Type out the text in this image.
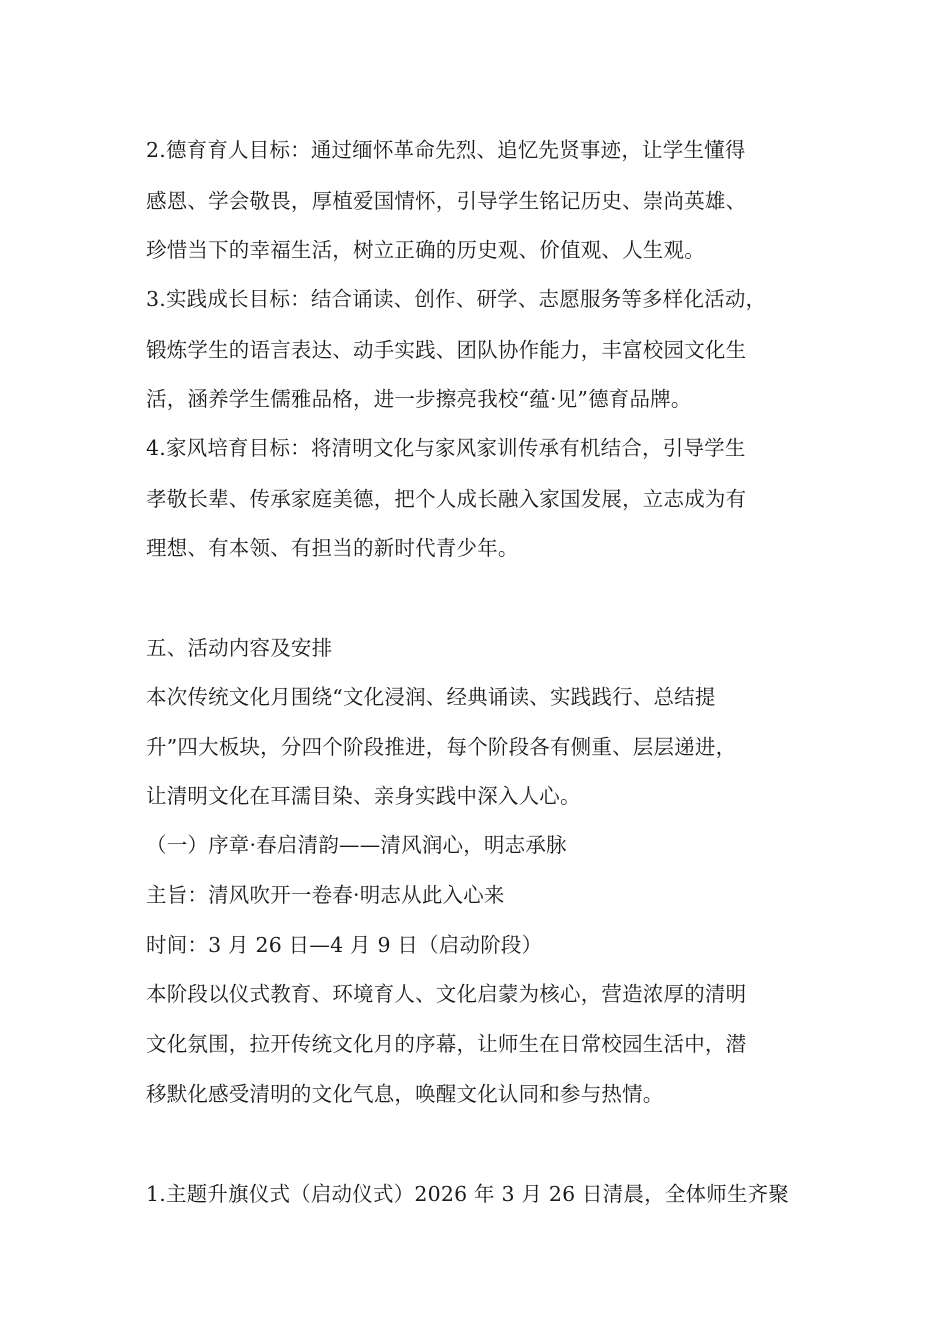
2.德育育人目标：通过缅怀革命先烈、追忆先贤事迹，让学生懂得
感恩、学会敬畏，厚植爱国情怀，引导学生铭记历史、崇尚英雄、
珍惜当下的幸福生活，树立正确的历史观、价值观、人生观。
3.实践成长目标：结合诵读、创作、研学、志愿服务等多样化活动，
锻炼学生的语言表达、动手实践、团队协作能力，丰富校园文化生
活，涵养学生儒雅品格，进一步擦亮我校“蕴·见”德育品牌。
4.家风培育目标：将清明文化与家风家训传承有机结合，引导学生
孝敬长辈、传承家庭美德，把个人成长融入家国发展，立志成为有
理想、有本领、有担当的新时代青少年。
五、活动内容及安排
本次传统文化月围绕“文化浸润、经典诵读、实践践行、总结提
升”四大板块，分四个阶段推进，每个阶段各有侧重、层层递进，
让清明文化在耳濡目染、亲身实践中深入人心。
（一）序章·春启清韵——清风润心，明志承脉
主旨：清风吹开一卷春·明志从此入心来
时间：3 月 26 日—4 月 9 日（启动阶段）
本阶段以仪式教育、环境育人、文化启蒙为核心，营造浓厚的清明
文化氛围，拉开传统文化月的序幕，让师生在日常校园生活中，潜
移默化感受清明的文化气息，唤醒文化认同和参与热情。
1.主题升旗仪式（启动仪式）2026 年 3 月 26 日清晨，全体师生齐聚
